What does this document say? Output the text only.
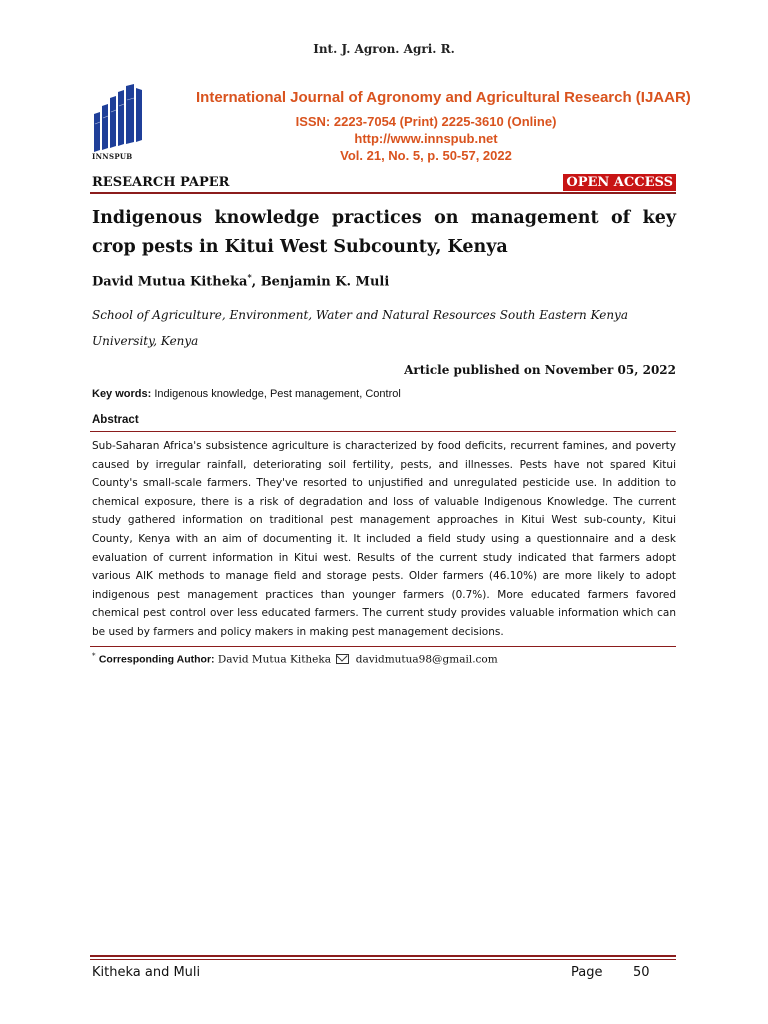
Int. J. Agron. Agri. R.
INNSPUB
International Journal of Agronomy and Agricultural Research (IJAAR)
ISSN: 2223-7054 (Print) 2225-3610 (Online)
http://www.innspub.net
Vol. 21, No. 5, p. 50-57, 2022
RESEARCH PAPER	OPEN ACCESS
Indigenous knowledge practices on management of key crop pests in Kitui West Subcounty, Kenya
David Mutua Kitheka*, Benjamin K. Muli
School of Agriculture, Environment, Water and Natural Resources South Eastern Kenya University, Kenya
Article published on November 05, 2022
Key words: Indigenous knowledge, Pest management, Control
Abstract
Sub-Saharan Africa's subsistence agriculture is characterized by food deficits, recurrent famines, and poverty caused by irregular rainfall, deteriorating soil fertility, pests, and illnesses. Pests have not spared Kitui County's small-scale farmers. They've resorted to unjustified and unregulated pesticide use. In addition to chemical exposure, there is a risk of degradation and loss of valuable Indigenous Knowledge. The current study gathered information on traditional pest management approaches in Kitui West sub-county, Kitui County, Kenya with an aim of documenting it. It included a field study using a questionnaire and a desk evaluation of current information in Kitui west. Results of the current study indicated that farmers adopt various AIK methods to manage field and storage pests. Older farmers (46.10%) are more likely to adopt indigenous pest management practices than younger farmers (0.7%). More educated farmers favored chemical pest control over less educated farmers. The current study provides valuable information which can be used by farmers and policy makers in making pest management decisions.
* Corresponding Author: David Mutua Kitheka davidmutua98@gmail.com
Kitheka and Muli	Page 50
